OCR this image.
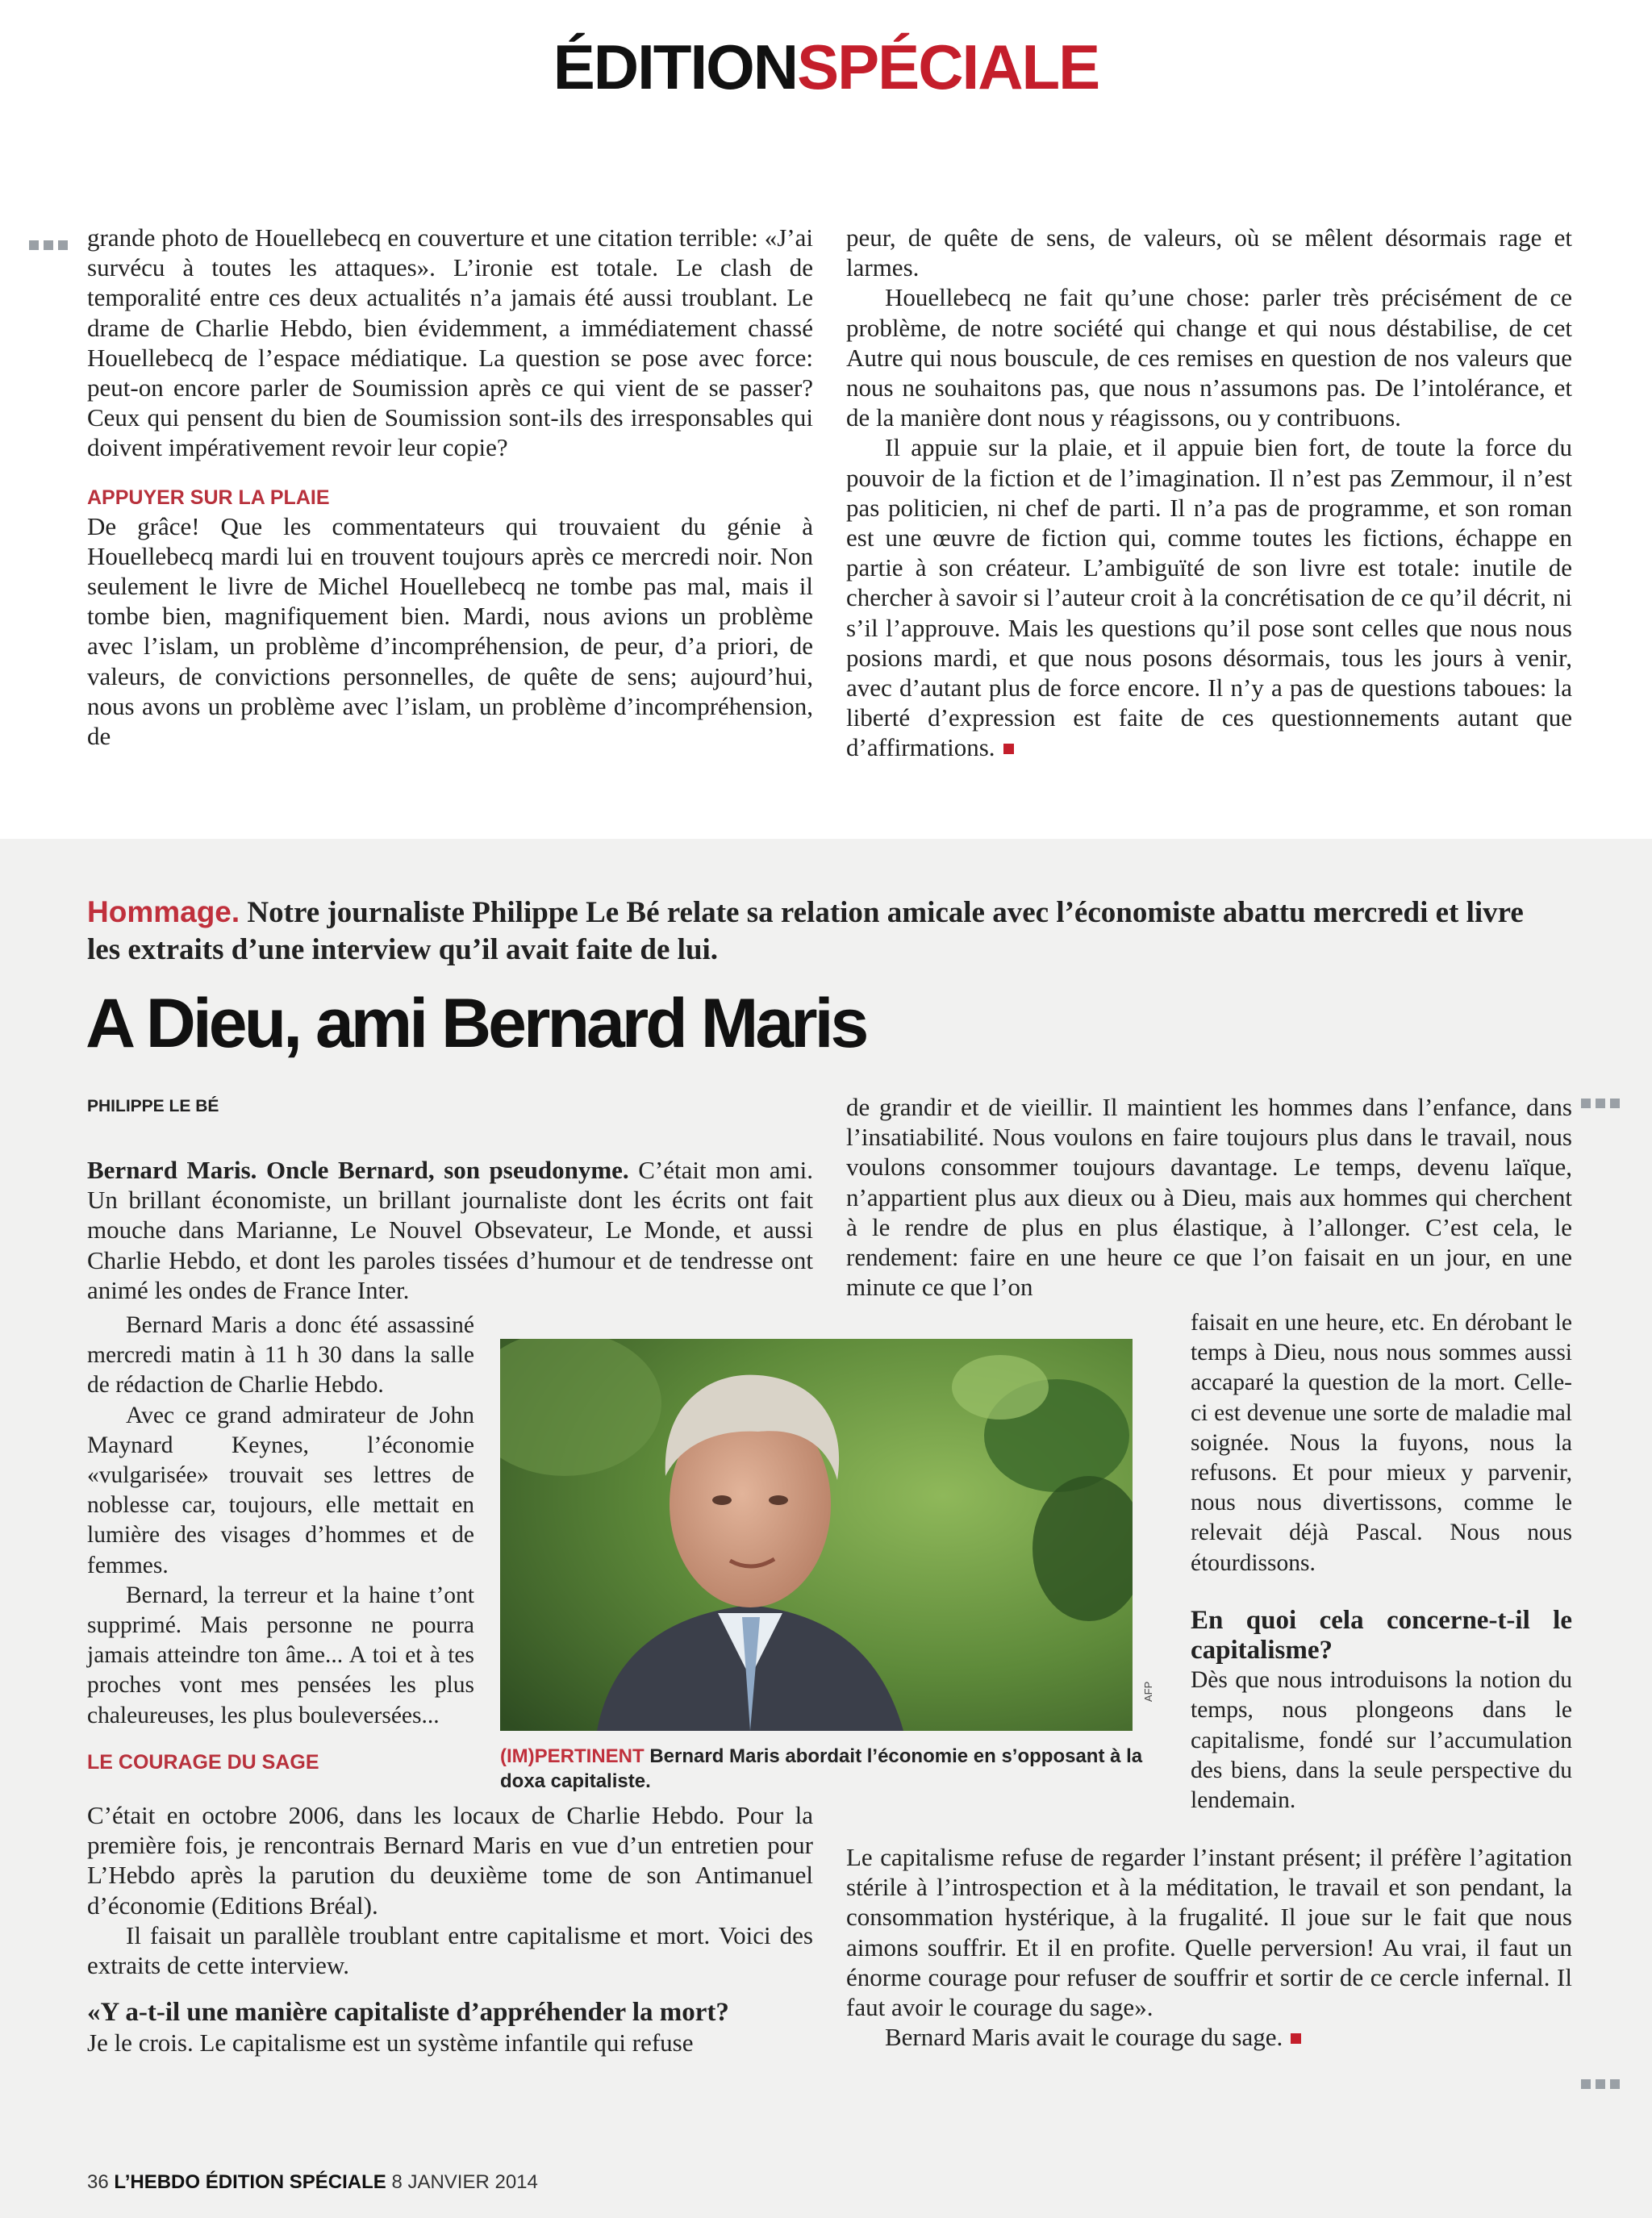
ÉDITIONSPÉCIALE

grande photo de Houellebecq en couverture et une citation terrible: «J’ai survécu à toutes les attaques». L’ironie est totale. Le clash de temporalité entre ces deux actualités n’a jamais été aussi troublant. Le drame de Charlie Hebdo, bien évidemment, a immédiatement chassé Houellebecq de l’espace médiatique. La question se pose avec force: peut-on encore parler de Soumission après ce qui vient de se passer? Ceux qui pensent du bien de Soumission sont-ils des irresponsables qui doivent impérativement revoir leur copie?

APPUYER SUR LA PLAIE

De grâce! Que les commentateurs qui trouvaient du génie à Houellebecq mardi lui en trouvent toujours après ce mercredi noir. Non seulement le livre de Michel Houellebecq ne tombe pas mal, mais il tombe bien, magnifiquement bien. Mardi, nous avions un problème avec l’islam, un problème d’incompréhension, de peur, d’a priori, de valeurs, de convictions personnelles, de quête de sens; aujourd’hui, nous avons un problème avec l’islam, un problème d’incompréhension, de

peur, de quête de sens, de valeurs, où se mêlent désormais rage et larmes.

Houellebecq ne fait qu’une chose: parler très précisément de ce problème, de notre société qui change et qui nous déstabilise, de cet Autre qui nous bouscule, de ces remises en question de nos valeurs que nous ne souhaitons pas, que nous n’assumons pas. De l’intolérance, et de la manière dont nous y réagissons, ou y contribuons.

Il appuie sur la plaie, et il appuie bien fort, de toute la force du pouvoir de la fiction et de l’imagination. Il n’est pas Zemmour, il n’est pas politicien, ni chef de parti. Il n’a pas de programme, et son roman est une œuvre de fiction qui, comme toutes les fictions, échappe en partie à son créateur. L’ambiguïté de son livre est totale: inutile de chercher à savoir si l’auteur croit à la concrétisation de ce qu’il décrit, ni s’il l’approuve. Mais les questions qu’il pose sont celles que nous nous posions mardi, et que nous posons désormais, tous les jours à venir, avec d’autant plus de force encore. Il n’y a pas de questions taboues: la liberté d’expression est faite de ces questionnements autant que d’affirmations.

Hommage. Notre journaliste Philippe Le Bé relate sa relation amicale avec l’économiste abattu mercredi et livre les extraits d’une interview qu’il avait faite de lui.
A Dieu, ami Bernard Maris
PHILIPPE LE BÉ

Bernard Maris. Oncle Bernard, son pseudonyme. C’était mon ami. Un brillant économiste, un brillant journaliste dont les écrits ont fait mouche dans Marianne, Le Nouvel Obsevateur, Le Monde, et aussi Charlie Hebdo, et dont les paroles tissées d’humour et de tendresse ont animé les ondes de France Inter.

Bernard Maris a donc été assassiné mercredi matin à 11 h 30 dans la salle de rédaction de Charlie Hebdo.

Avec ce grand admirateur de John Maynard Keynes, l’économie «vulgarisée» trouvait ses lettres de noblesse car, toujours, elle mettait en lumière des visages d’hommes et de femmes.

Bernard, la terreur et la haine t’ont supprimé. Mais personne ne pourra jamais atteindre ton âme... A toi et à tes proches vont mes pensées les plus chaleureuses, les plus bouleversées...

LE COURAGE DU SAGE

C’était en octobre 2006, dans les locaux de Charlie Hebdo. Pour la première fois, je rencontrais Bernard Maris en vue d’un entretien pour L’Hebdo après la parution du deuxième tome de son Antimanuel d’économie (Editions Bréal).

Il faisait un parallèle troublant entre capitalisme et mort. Voici des extraits de cette interview.

«Y a-t-il une manière capitaliste d’appréhender la mort?

Je le crois. Le capitalisme est un système infantile qui refuse

de grandir et de vieillir. Il maintient les hommes dans l’enfance, dans l’insatiabilité. Nous voulons en faire toujours plus dans le travail, nous voulons consommer toujours davantage. Le temps, devenu laïque, n’appartient plus aux dieux ou à Dieu, mais aux hommes qui cherchent à le rendre de plus en plus élastique, à l’allonger. C’est cela, le rendement: faire en une heure ce que l’on faisait en un jour, en une minute ce que l’on

faisait en une heure, etc. En dérobant le temps à Dieu, nous nous sommes aussi accaparé la question de la mort. Celle-ci est devenue une sorte de maladie mal soignée. Nous la fuyons, nous la refusons. Et pour mieux y parvenir, nous nous divertissons, comme le relevait déjà Pascal. Nous nous étourdissons.

En quoi cela concerne-t-il le capitalisme?

Dès que nous introduisons la notion du temps, nous plongeons dans le capitalisme, fondé sur l’accumulation des biens, dans la seule perspective du lendemain.

Le capitalisme refuse de regarder l’instant présent; il préfère l’agitation stérile à l’introspection et à la méditation, le travail et son pendant, la consommation hystérique, à la frugalité. Il joue sur le fait que nous aimons souffrir. Et il en profite. Quelle perversion! Au vrai, il faut un énorme courage pour refuser de souffrir et sortir de ce cercle infernal. Il faut avoir le courage du sage».

Bernard Maris avait le courage du sage.

AFP
(IM)PERTINENT Bernard Maris abordait l’économie en s’opposant à la doxa capitaliste.
36 L’HEBDO ÉDITION SPÉCIALE 8 JANVIER 2014
